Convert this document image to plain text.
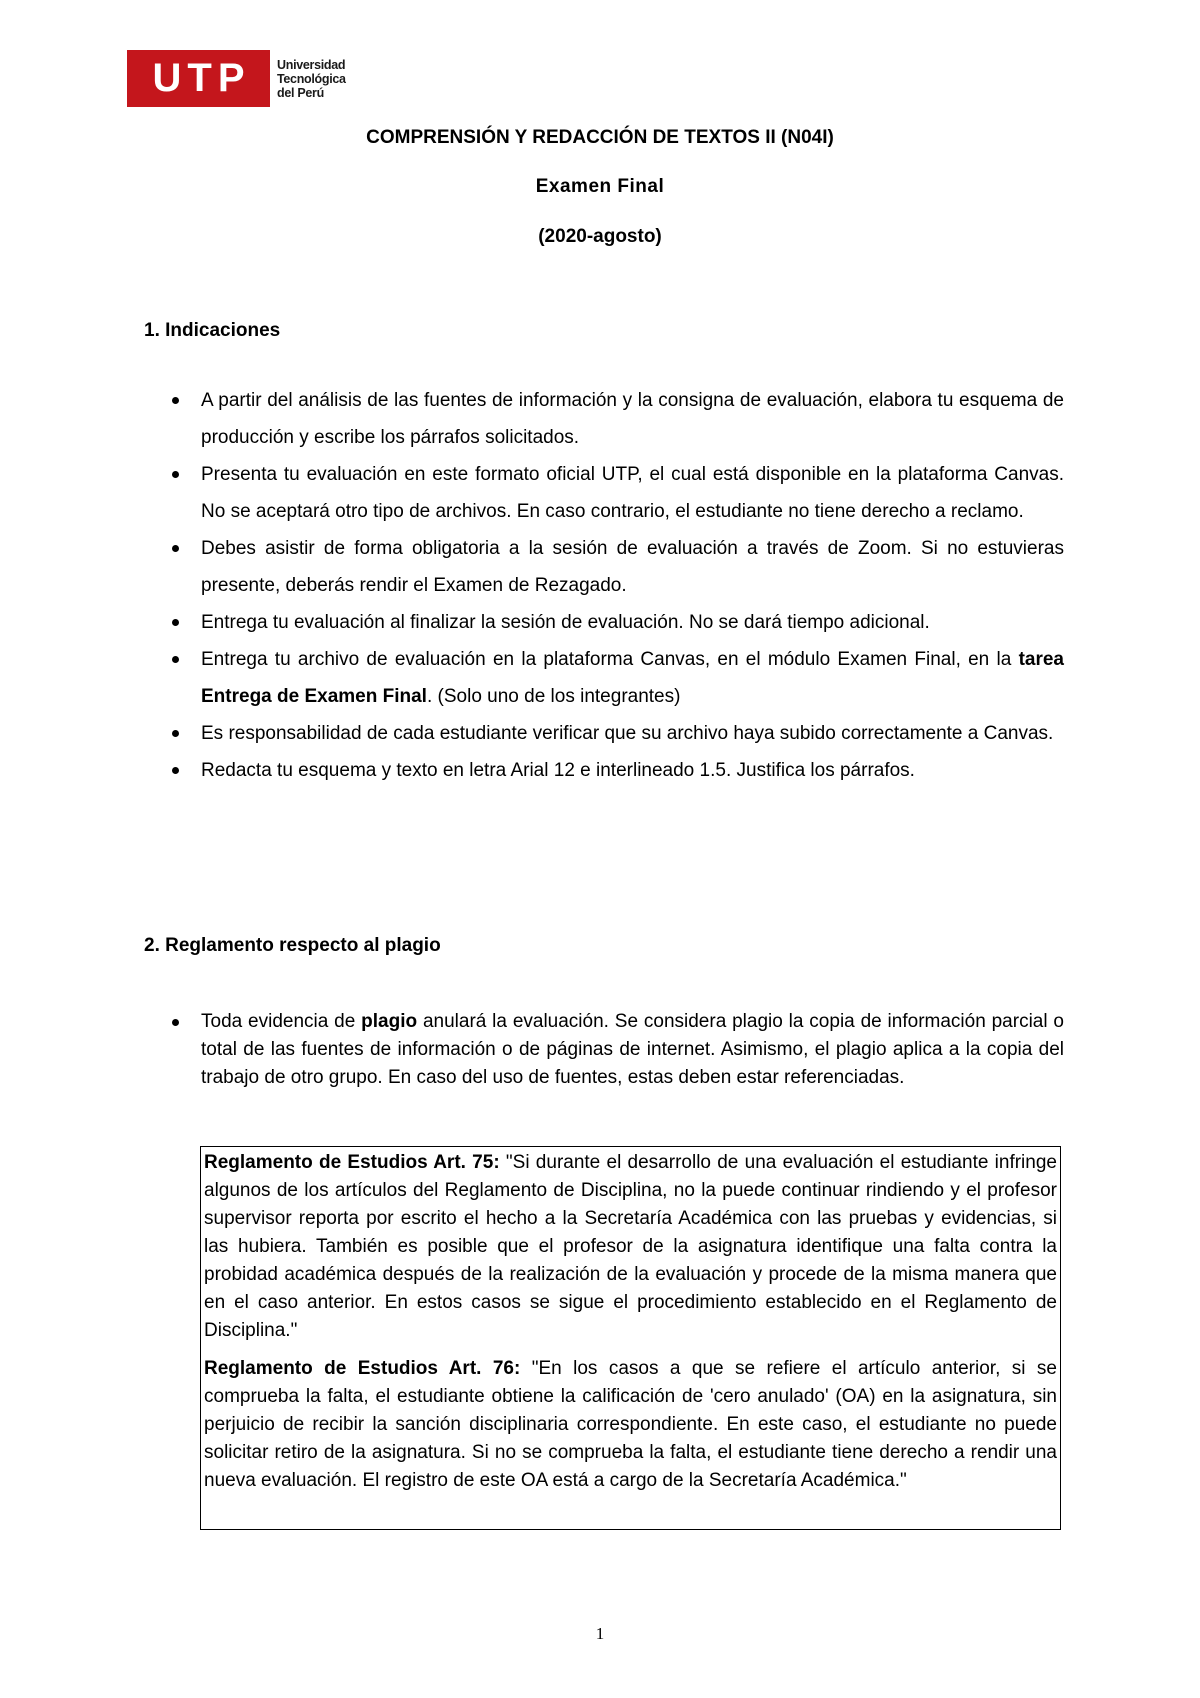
UTP	Universidad
Tecnológica
del Perú
COMPRENSIÓN Y REDACCIÓN DE TEXTOS II (N04I)
Examen Final
(2020-agosto)
1. Indicaciones
A partir del análisis de las fuentes de información y la consigna de evaluación, elabora tu esquema de producción y escribe los párrafos solicitados.
Presenta tu evaluación en este formato oficial UTP, el cual está disponible en la plataforma Canvas. No se aceptará otro tipo de archivos. En caso contrario, el estudiante no tiene derecho a reclamo.
Debes asistir de forma obligatoria a la sesión de evaluación a través de Zoom. Si no estuvieras presente, deberás rendir el Examen de Rezagado.
Entrega tu evaluación al finalizar la sesión de evaluación. No se dará tiempo adicional.
Entrega tu archivo de evaluación en la plataforma Canvas, en el módulo Examen Final, en la tarea Entrega de Examen Final. (Solo uno de los integrantes)
Es responsabilidad de cada estudiante verificar que su archivo haya subido correctamente a Canvas.
Redacta tu esquema y texto en letra Arial 12 e interlineado 1.5. Justifica los párrafos.
2. Reglamento respecto al plagio
Toda evidencia de plagio anulará la evaluación. Se considera plagio la copia de información parcial o total de las fuentes de información o de páginas de internet. Asimismo, el plagio aplica a la copia del trabajo de otro grupo. En caso del uso de fuentes, estas deben estar referenciadas.

Reglamento de Estudios Art. 75: "Si durante el desarrollo de una evaluación el estudiante infringe algunos de los artículos del Reglamento de Disciplina, no la puede continuar rindiendo y el profesor supervisor reporta por escrito el hecho a la Secretaría Académica con las pruebas y evidencias, si las hubiera. También es posible que el profesor de la asignatura identifique una falta contra la probidad académica después de la realización de la evaluación y procede de la misma manera que en el caso anterior. En estos casos se sigue el procedimiento establecido en el Reglamento de Disciplina."

Reglamento de Estudios Art. 76: "En los casos a que se refiere el artículo anterior, si se comprueba la falta, el estudiante obtiene la calificación de 'cero anulado' (OA) en la asignatura, sin perjuicio de recibir la sanción disciplinaria correspondiente. En este caso, el estudiante no puede solicitar retiro de la asignatura. Si no se comprueba la falta, el estudiante tiene derecho a rendir una nueva evaluación. El registro de este OA está a cargo de la Secretaría Académica."

1
